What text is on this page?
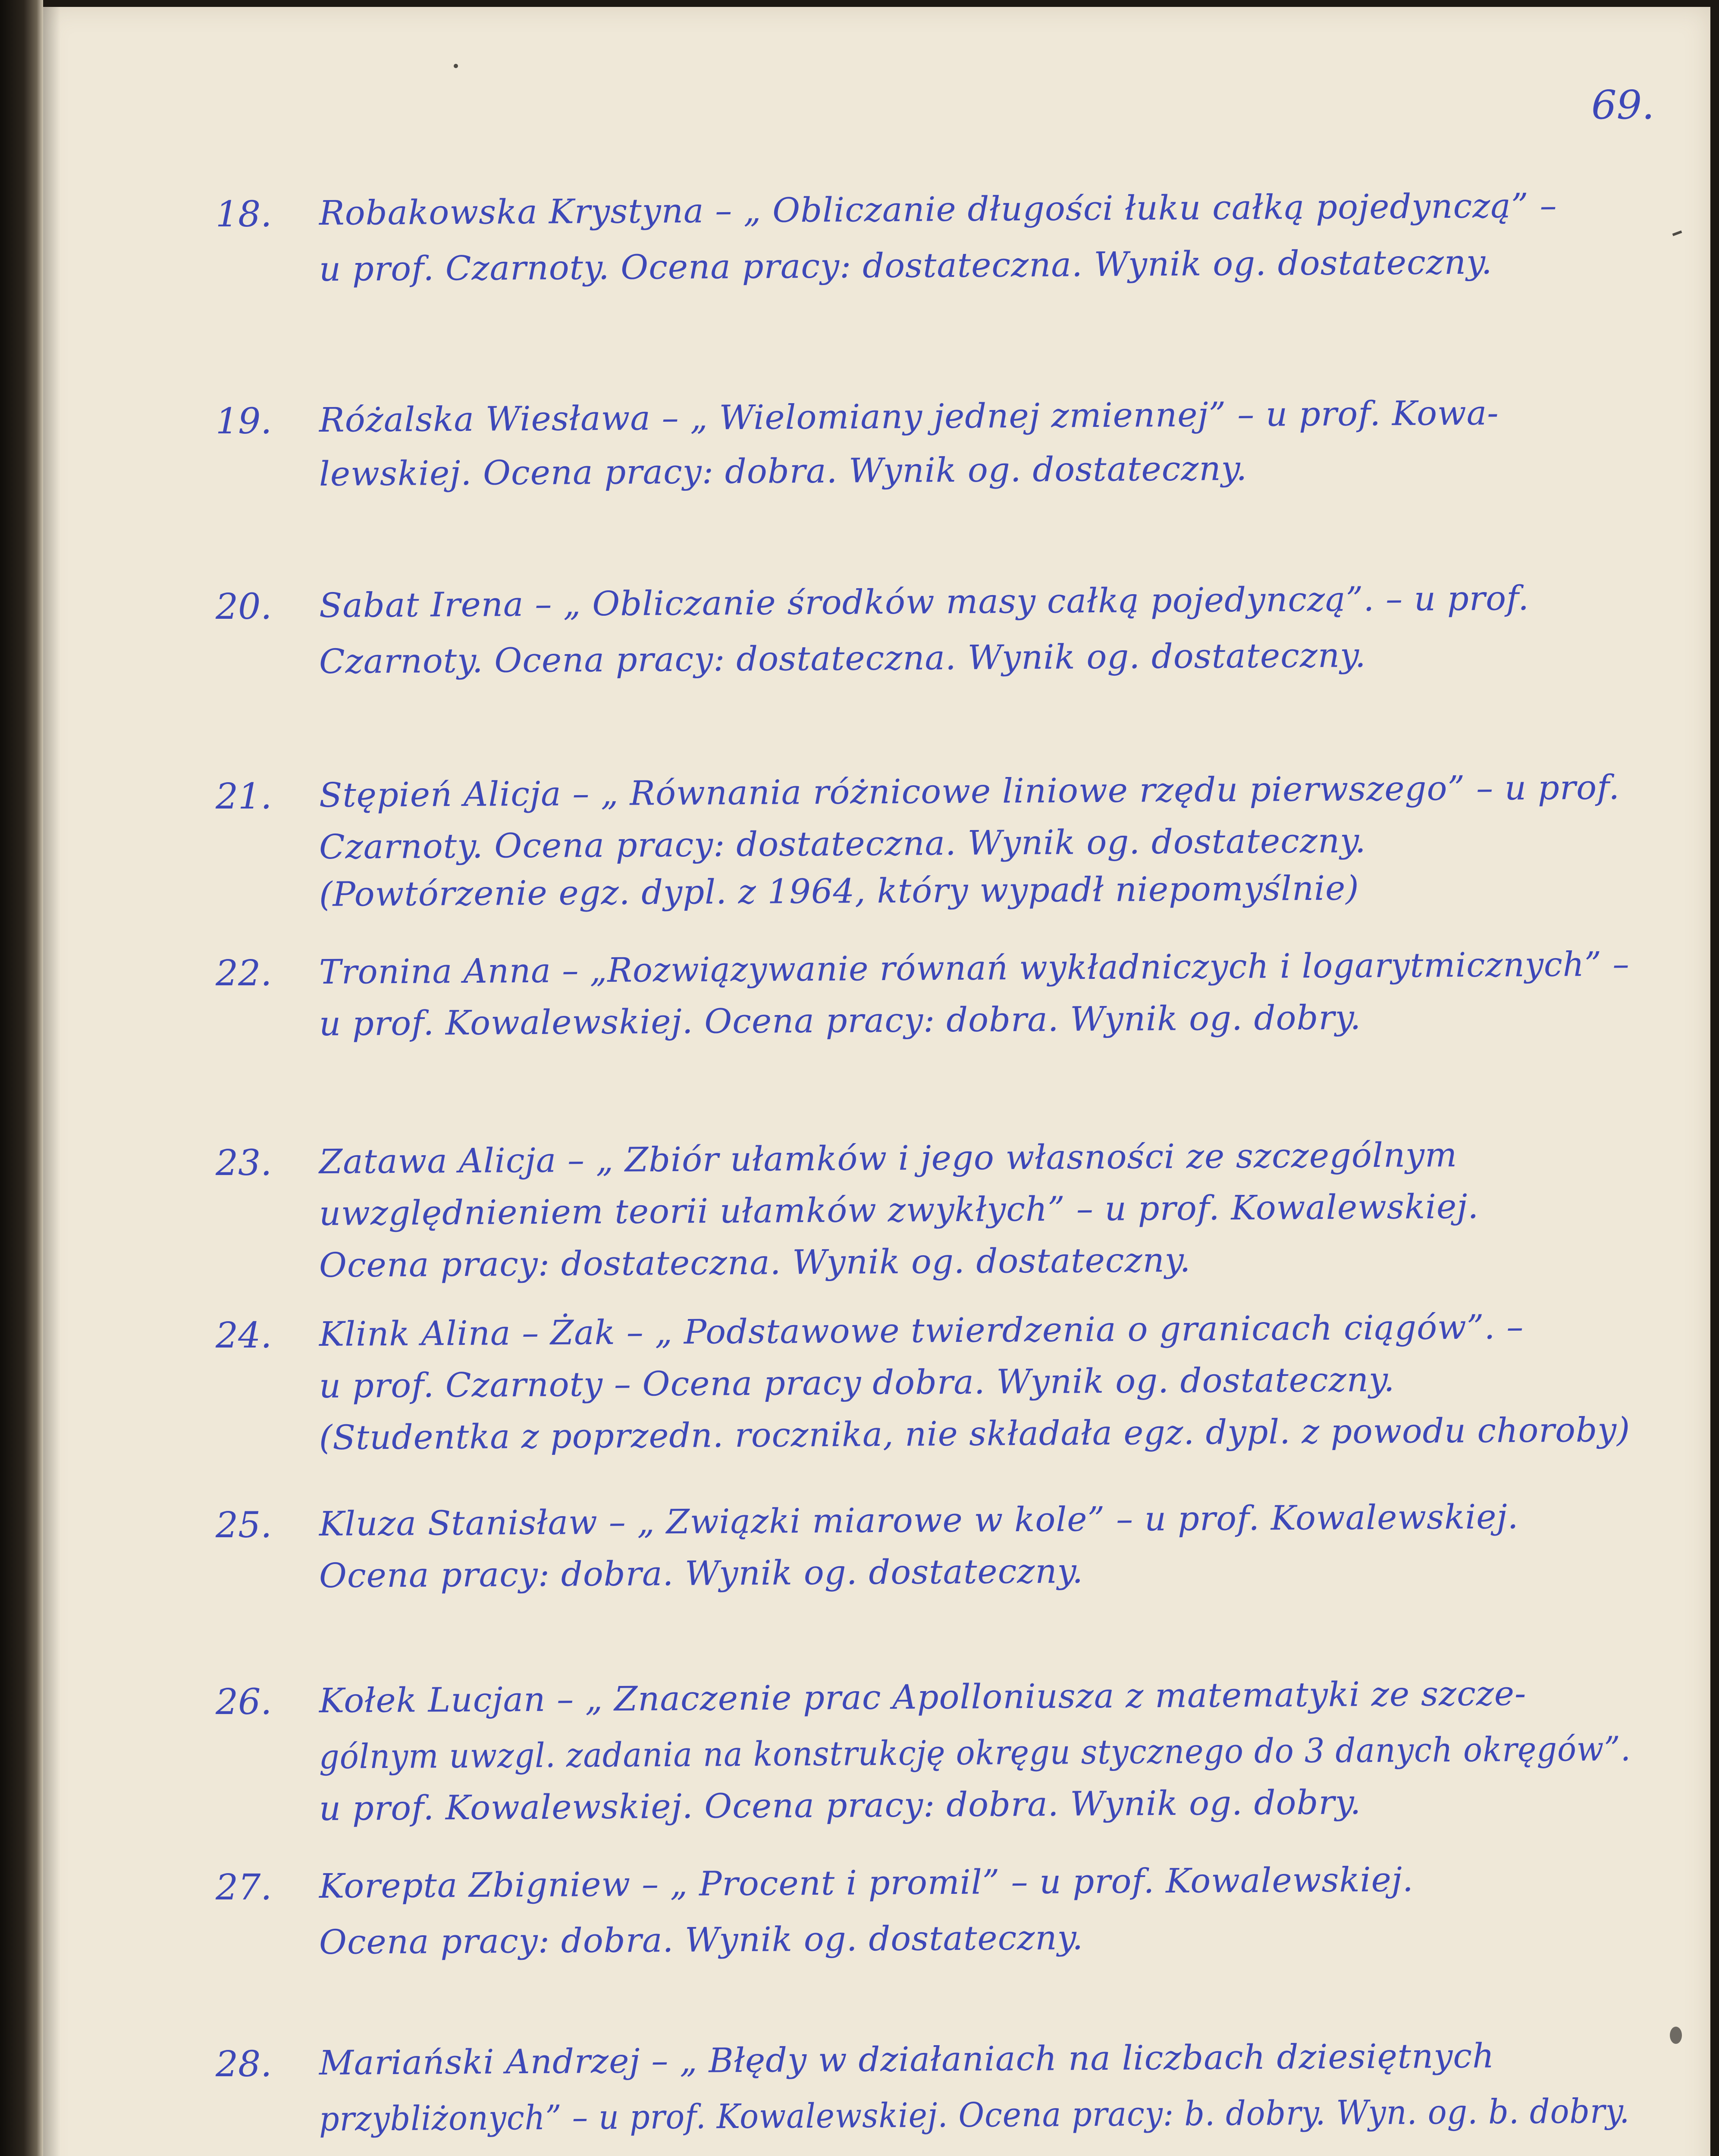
69.
18. Robakowska Krystyna – „ Obliczanie długości łuku całką pojedynczą” –
u prof. Czarnoty. Ocena pracy: dostateczna. Wynik og. dostateczny.
19. Różalska Wiesława – „ Wielomiany jednej zmiennej” – u prof. Kowa-
lewskiej. Ocena pracy: dobra. Wynik og. dostateczny.
20. Sabat Irena – „ Obliczanie środków masy całką pojedynczą”. – u prof.
Czarnoty. Ocena pracy: dostateczna. Wynik og. dostateczny.
21. Stępień Alicja – „ Równania różnicowe liniowe rzędu pierwszego” – u prof.
Czarnoty. Ocena pracy: dostateczna. Wynik og. dostateczny.
(Powtórzenie egz. dypl. z 1964, który wypadł niepomyślnie)
22. Tronina Anna – „Rozwiązywanie równań wykładniczych i logarytmicznych” –
u prof. Kowalewskiej. Ocena pracy: dobra. Wynik og. dobry.
23. Zatawa Alicja – „ Zbiór ułamków i jego własności ze szczególnym
uwzględnieniem teorii ułamków zwykłych” – u prof. Kowalewskiej.
Ocena pracy: dostateczna. Wynik og. dostateczny.
24. Klink Alina – Żak – „ Podstawowe twierdzenia o granicach ciągów”. –
u prof. Czarnoty – Ocena pracy dobra. Wynik og. dostateczny.
(Studentka z poprzedn. rocznika, nie składała egz. dypl. z powodu choroby)
25. Kluza Stanisław – „ Związki miarowe w kole” – u prof. Kowalewskiej.
Ocena pracy: dobra. Wynik og. dostateczny.
26. Kołek Lucjan – „ Znaczenie prac Apolloniusza z matematyki ze szcze-
gólnym uwzgl. zadania na konstrukcję okręgu stycznego do 3 danych okręgów”.
u prof. Kowalewskiej. Ocena pracy: dobra. Wynik og. dobry.
27. Korepta Zbigniew – „ Procent i promil” – u prof. Kowalewskiej.
Ocena pracy: dobra. Wynik og. dostateczny.
28. Mariański Andrzej – „ Błędy w działaniach na liczbach dziesiętnych
przybliżonych” – u prof. Kowalewskiej. Ocena pracy: b. dobry. Wyn. og. b. dobry.
